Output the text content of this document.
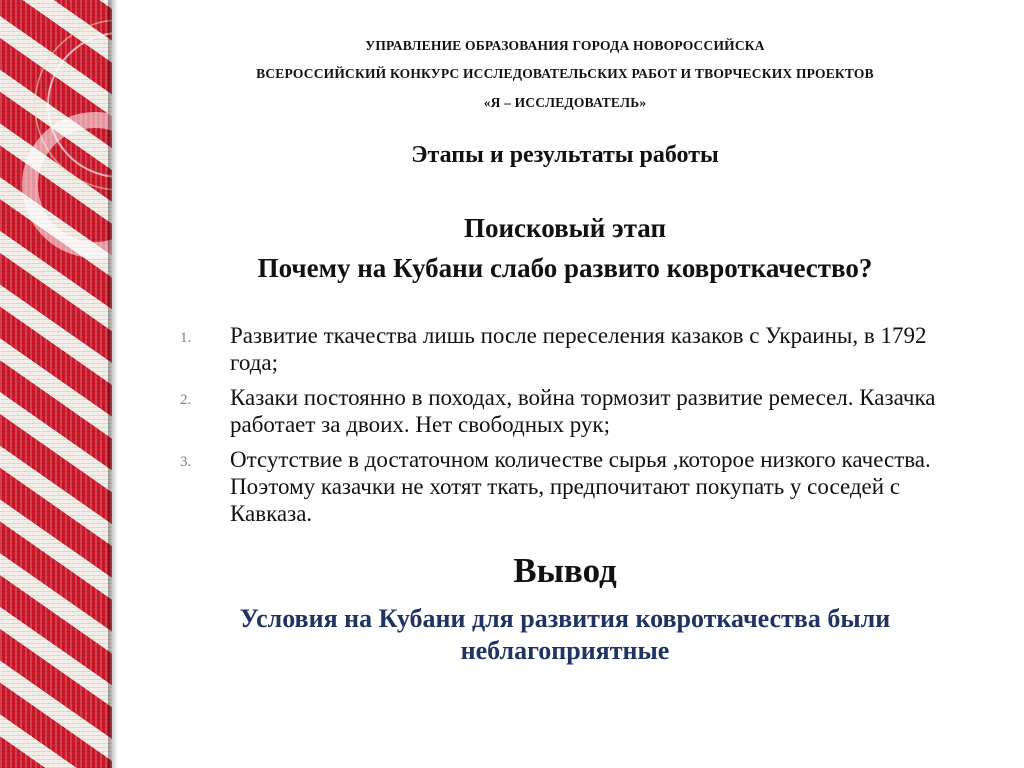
УПРАВЛЕНИЕ ОБРАЗОВАНИЯ ГОРОДА НОВОРОССИЙСКА
ВСЕРОССИЙСКИЙ КОНКУРС ИССЛЕДОВАТЕЛЬСКИХ РАБОТ И ТВОРЧЕСКИХ ПРОЕКТОВ
«Я – ИССЛЕДОВАТЕЛЬ»
Этапы и результаты работы
Поисковый этап
Почему на Кубани слабо развито ковроткачество?
1. Развитие ткачества лишь после переселения казаков с Украины, в 1792 года;
2. Казаки постоянно в походах, война тормозит развитие ремесел. Казачка работает за двоих. Нет свободных рук;
3. Отсутствие в достаточном количестве сырья ,которое низкого качества. Поэтому казачки не хотят ткать, предпочитают покупать у соседей с Кавказа.
Вывод
Условия на Кубани для развития ковроткачества были неблагоприятные
